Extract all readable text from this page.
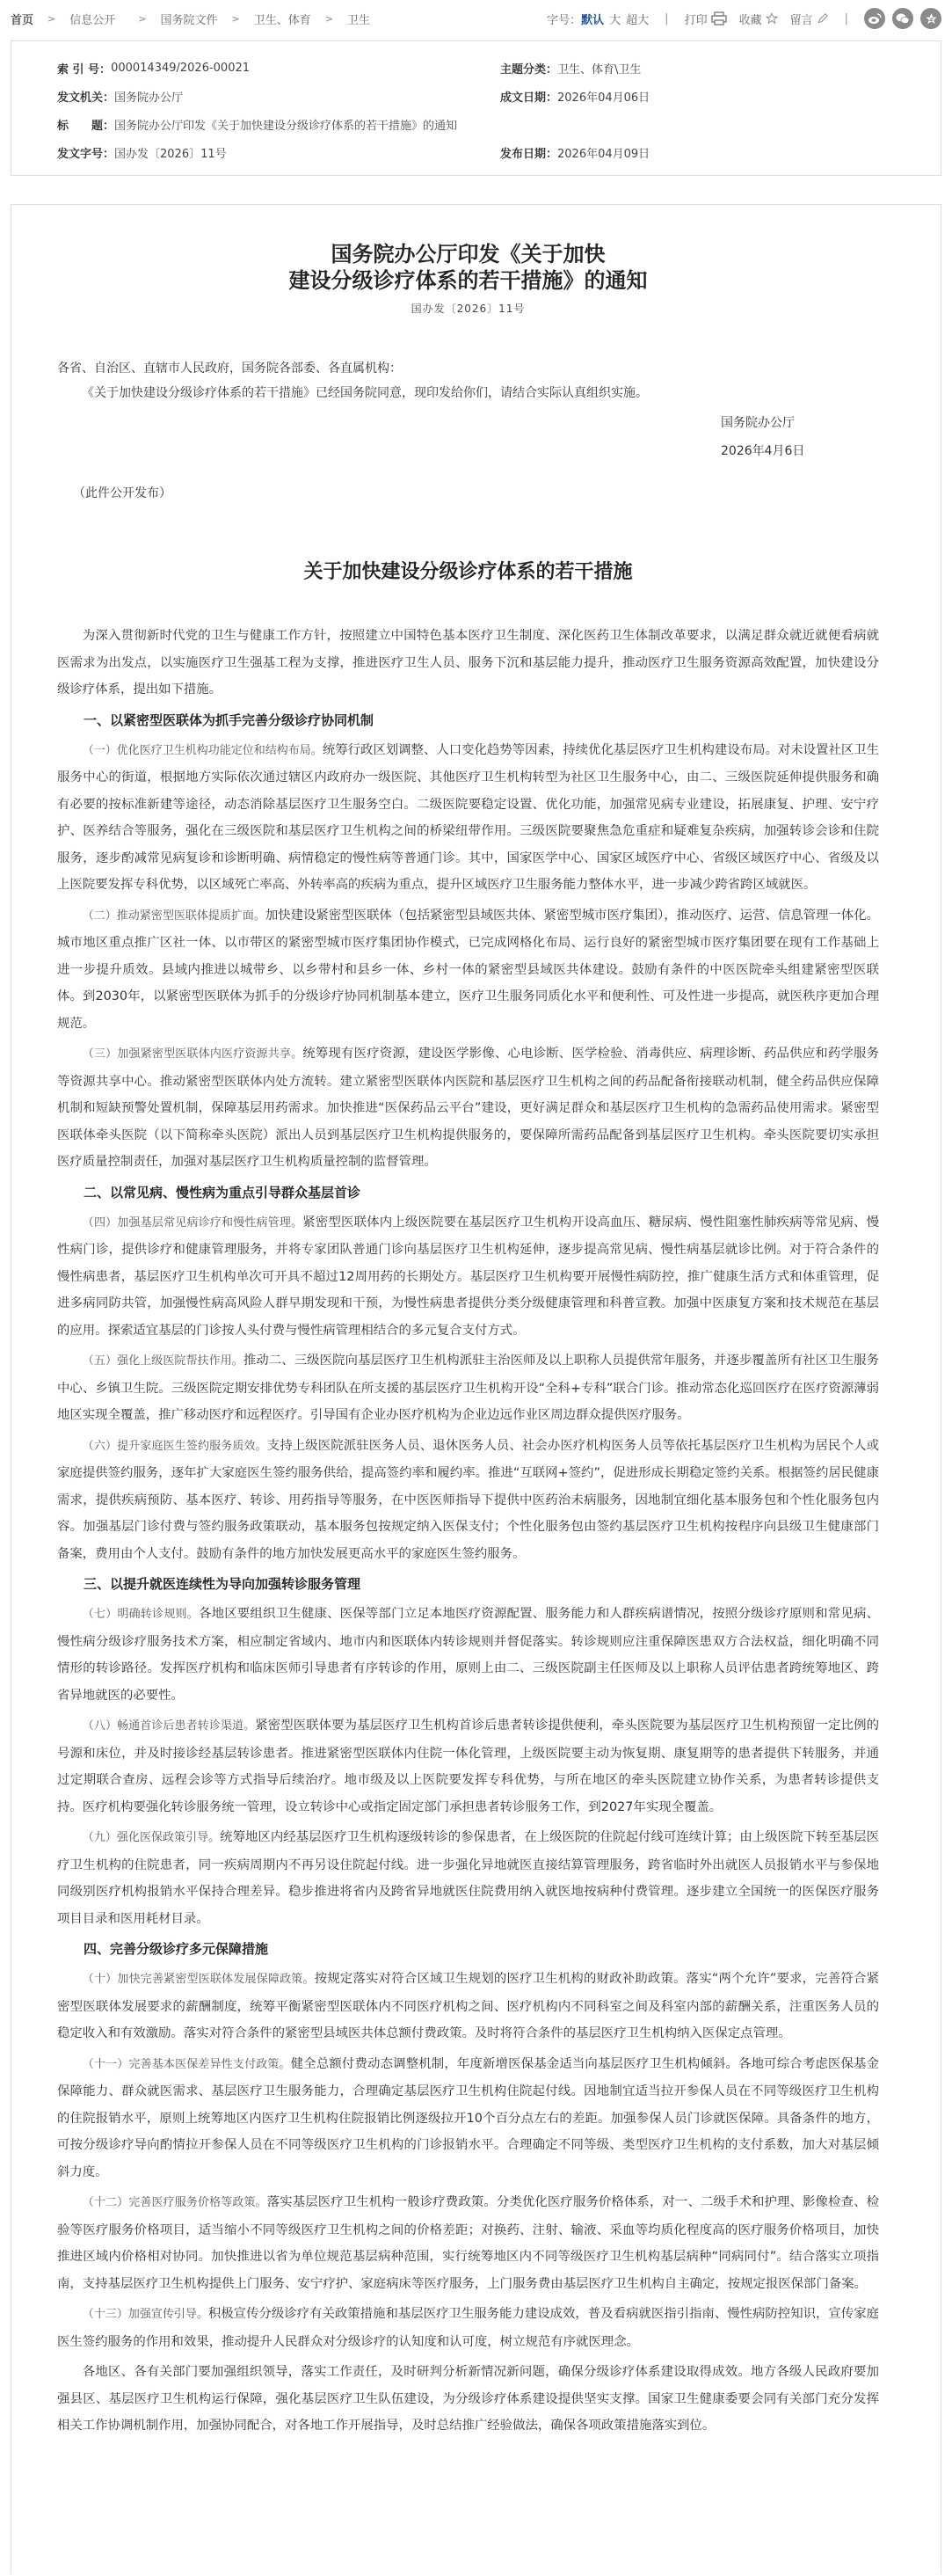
首页 > 信息公开 > 国务院文件 > 卫生、体育 > 卫生	字号： 默认 大 超大 | 打印	收藏 留言	|
索 引 号： 000014349/2026-00021	主题分类： 卫生、体育\卫生
发文机关： 国务院办公厅	成文日期： 2026年04月06日
标　　题： 国务院办公厅印发《关于加快建设分级诊疗体系的若干措施》的通知
发文字号： 国办发〔2026〕11号	发布日期： 2026年04月09日
国务院办公厅印发《关于加快
建设分级诊疗体系的若干措施》的通知
国办发〔2026〕11号
各省、自治区、直辖市人民政府，国务院各部委、各直属机构：
《关于加快建设分级诊疗体系的若干措施》已经国务院同意，现印发给你们，请结合实际认真组织实施。
国务院办公厅
2026年4月6日
（此件公开发布）
关于加快建设分级诊疗体系的若干措施

为深入贯彻新时代党的卫生与健康工作方针，按照建立中国特色基本医疗卫生制度、深化医药卫生体制改革要求，以满足群众就近就便看病就医需求为出发点，以实施医疗卫生强基工程为支撑，推进医疗卫生人员、服务下沉和基层能力提升，推动医疗卫生服务资源高效配置，加快建设分级诊疗体系，提出如下措施。

一、以紧密型医联体为抓手完善分级诊疗协同机制

（一）优化医疗卫生机构功能定位和结构布局。统筹行政区划调整、人口变化趋势等因素，持续优化基层医疗卫生机构建设布局。对未设置社区卫生服务中心的街道，根据地方实际依次通过辖区内政府办一级医院、其他医疗卫生机构转型为社区卫生服务中心，由二、三级医院延伸提供服务和确有必要的按标准新建等途径，动态消除基层医疗卫生服务空白。二级医院要稳定设置、优化功能，加强常见病专业建设，拓展康复、护理、安宁疗护、医养结合等服务，强化在三级医院和基层医疗卫生机构之间的桥梁纽带作用。三级医院要聚焦急危重症和疑难复杂疾病，加强转诊会诊和住院服务，逐步酌减常见病复诊和诊断明确、病情稳定的慢性病等普通门诊。其中，国家医学中心、国家区域医疗中心、省级区域医疗中心、省级及以上医院要发挥专科优势，以区域死亡率高、外转率高的疾病为重点，提升区域医疗卫生服务能力整体水平，进一步减少跨省跨区域就医。

（二）推动紧密型医联体提质扩面。加快建设紧密型医联体（包括紧密型县域医共体、紧密型城市医疗集团），推动医疗、运营、信息管理一体化。城市地区重点推广区社一体、以市带区的紧密型城市医疗集团协作模式，已完成网格化布局、运行良好的紧密型城市医疗集团要在现有工作基础上进一步提升质效。县域内推进以城带乡、以乡带村和县乡一体、乡村一体的紧密型县域医共体建设。鼓励有条件的中医医院牵头组建紧密型医联体。到2030年，以紧密型医联体为抓手的分级诊疗协同机制基本建立，医疗卫生服务同质化水平和便利性、可及性进一步提高，就医秩序更加合理规范。

（三）加强紧密型医联体内医疗资源共享。统筹现有医疗资源，建设医学影像、心电诊断、医学检验、消毒供应、病理诊断、药品供应和药学服务等资源共享中心。推动紧密型医联体内处方流转。建立紧密型医联体内医院和基层医疗卫生机构之间的药品配备衔接联动机制，健全药品供应保障机制和短缺预警处置机制，保障基层用药需求。加快推进“医保药品云平台”建设，更好满足群众和基层医疗卫生机构的急需药品使用需求。紧密型医联体牵头医院（以下简称牵头医院）派出人员到基层医疗卫生机构提供服务的，要保障所需药品配备到基层医疗卫生机构。牵头医院要切实承担医疗质量控制责任，加强对基层医疗卫生机构质量控制的监督管理。

二、以常见病、慢性病为重点引导群众基层首诊

（四）加强基层常见病诊疗和慢性病管理。紧密型医联体内上级医院要在基层医疗卫生机构开设高血压、糖尿病、慢性阻塞性肺疾病等常见病、慢性病门诊，提供诊疗和健康管理服务，并将专家团队普通门诊向基层医疗卫生机构延伸，逐步提高常见病、慢性病基层就诊比例。对于符合条件的慢性病患者，基层医疗卫生机构单次可开具不超过12周用药的长期处方。基层医疗卫生机构要开展慢性病防控，推广健康生活方式和体重管理，促进多病同防共管，加强慢性病高风险人群早期发现和干预，为慢性病患者提供分类分级健康管理和科普宣教。加强中医康复方案和技术规范在基层的应用。探索适宜基层的门诊按人头付费与慢性病管理相结合的多元复合支付方式。

（五）强化上级医院帮扶作用。推动二、三级医院向基层医疗卫生机构派驻主治医师及以上职称人员提供常年服务，并逐步覆盖所有社区卫生服务中心、乡镇卫生院。三级医院定期安排优势专科团队在所支援的基层医疗卫生机构开设“全科+专科”联合门诊。推动常态化巡回医疗在医疗资源薄弱地区实现全覆盖，推广移动医疗和远程医疗。引导国有企业办医疗机构为企业边远作业区周边群众提供医疗服务。

（六）提升家庭医生签约服务质效。支持上级医院派驻医务人员、退休医务人员、社会办医疗机构医务人员等依托基层医疗卫生机构为居民个人或家庭提供签约服务，逐年扩大家庭医生签约服务供给，提高签约率和履约率。推进“互联网+签约”，促进形成长期稳定签约关系。根据签约居民健康需求，提供疾病预防、基本医疗、转诊、用药指导等服务，在中医医师指导下提供中医药治未病服务，因地制宜细化基本服务包和个性化服务包内容。加强基层门诊付费与签约服务政策联动，基本服务包按规定纳入医保支付；个性化服务包由签约基层医疗卫生机构按程序向县级卫生健康部门备案，费用由个人支付。鼓励有条件的地方加快发展更高水平的家庭医生签约服务。

三、以提升就医连续性为导向加强转诊服务管理

（七）明确转诊规则。各地区要组织卫生健康、医保等部门立足本地医疗资源配置、服务能力和人群疾病谱情况，按照分级诊疗原则和常见病、慢性病分级诊疗服务技术方案，相应制定省域内、地市内和医联体内转诊规则并督促落实。转诊规则应注重保障医患双方合法权益，细化明确不同情形的转诊路径。发挥医疗机构和临床医师引导患者有序转诊的作用，原则上由二、三级医院副主任医师及以上职称人员评估患者跨统筹地区、跨省异地就医的必要性。

（八）畅通首诊后患者转诊渠道。紧密型医联体要为基层医疗卫生机构首诊后患者转诊提供便利，牵头医院要为基层医疗卫生机构预留一定比例的号源和床位，并及时接诊经基层转诊患者。推进紧密型医联体内住院一体化管理，上级医院要主动为恢复期、康复期等的患者提供下转服务，并通过定期联合查房、远程会诊等方式指导后续治疗。地市级及以上医院要发挥专科优势，与所在地区的牵头医院建立协作关系，为患者转诊提供支持。医疗机构要强化转诊服务统一管理，设立转诊中心或指定固定部门承担患者转诊服务工作，到2027年实现全覆盖。

（九）强化医保政策引导。统筹地区内经基层医疗卫生机构逐级转诊的参保患者，在上级医院的住院起付线可连续计算；由上级医院下转至基层医疗卫生机构的住院患者，同一疾病周期内不再另设住院起付线。进一步强化异地就医直接结算管理服务，跨省临时外出就医人员报销水平与参保地同级别医疗机构报销水平保持合理差异。稳步推进将省内及跨省异地就医住院费用纳入就医地按病种付费管理。逐步建立全国统一的医保医疗服务项目目录和医用耗材目录。

四、完善分级诊疗多元保障措施

（十）加快完善紧密型医联体发展保障政策。按规定落实对符合区域卫生规划的医疗卫生机构的财政补助政策。落实“两个允许”要求，完善符合紧密型医联体发展要求的薪酬制度，统筹平衡紧密型医联体内不同医疗机构之间、医疗机构内不同科室之间及科室内部的薪酬关系，注重医务人员的稳定收入和有效激励。落实对符合条件的紧密型县域医共体总额付费政策。及时将符合条件的基层医疗卫生机构纳入医保定点管理。

（十一）完善基本医保差异性支付政策。健全总额付费动态调整机制，年度新增医保基金适当向基层医疗卫生机构倾斜。各地可综合考虑医保基金保障能力、群众就医需求、基层医疗卫生服务能力，合理确定基层医疗卫生机构住院起付线。因地制宜适当拉开参保人员在不同等级医疗卫生机构的住院报销水平，原则上统筹地区内医疗卫生机构住院报销比例逐级拉开10个百分点左右的差距。加强参保人员门诊就医保障。具备条件的地方，可按分级诊疗导向酌情拉开参保人员在不同等级医疗卫生机构的门诊报销水平。合理确定不同等级、类型医疗卫生机构的支付系数，加大对基层倾斜力度。

（十二）完善医疗服务价格等政策。落实基层医疗卫生机构一般诊疗费政策。分类优化医疗服务价格体系，对一、二级手术和护理、影像检查、检验等医疗服务价格项目，适当缩小不同等级医疗卫生机构之间的价格差距；对换药、注射、输液、采血等均质化程度高的医疗服务价格项目，加快推进区域内价格相对协同。加快推进以省为单位规范基层病种范围，实行统筹地区内不同等级医疗卫生机构基层病种“同病同付”。结合落实立项指南，支持基层医疗卫生机构提供上门服务、安宁疗护、家庭病床等医疗服务，上门服务费由基层医疗卫生机构自主确定，按规定报医保部门备案。

（十三）加强宣传引导。积极宣传分级诊疗有关政策措施和基层医疗卫生服务能力建设成效，普及看病就医指引指南、慢性病防控知识，宣传家庭医生签约服务的作用和效果，推动提升人民群众对分级诊疗的认知度和认可度，树立规范有序就医理念。

各地区、各有关部门要加强组织领导，落实工作责任，及时研判分析新情况新问题，确保分级诊疗体系建设取得成效。地方各级人民政府要加强县区、基层医疗卫生机构运行保障，强化基层医疗卫生队伍建设，为分级诊疗体系建设提供坚实支撑。国家卫生健康委要会同有关部门充分发挥相关工作协调机制作用，加强协同配合，对各地工作开展指导，及时总结推广经验做法，确保各项政策措施落实到位。
